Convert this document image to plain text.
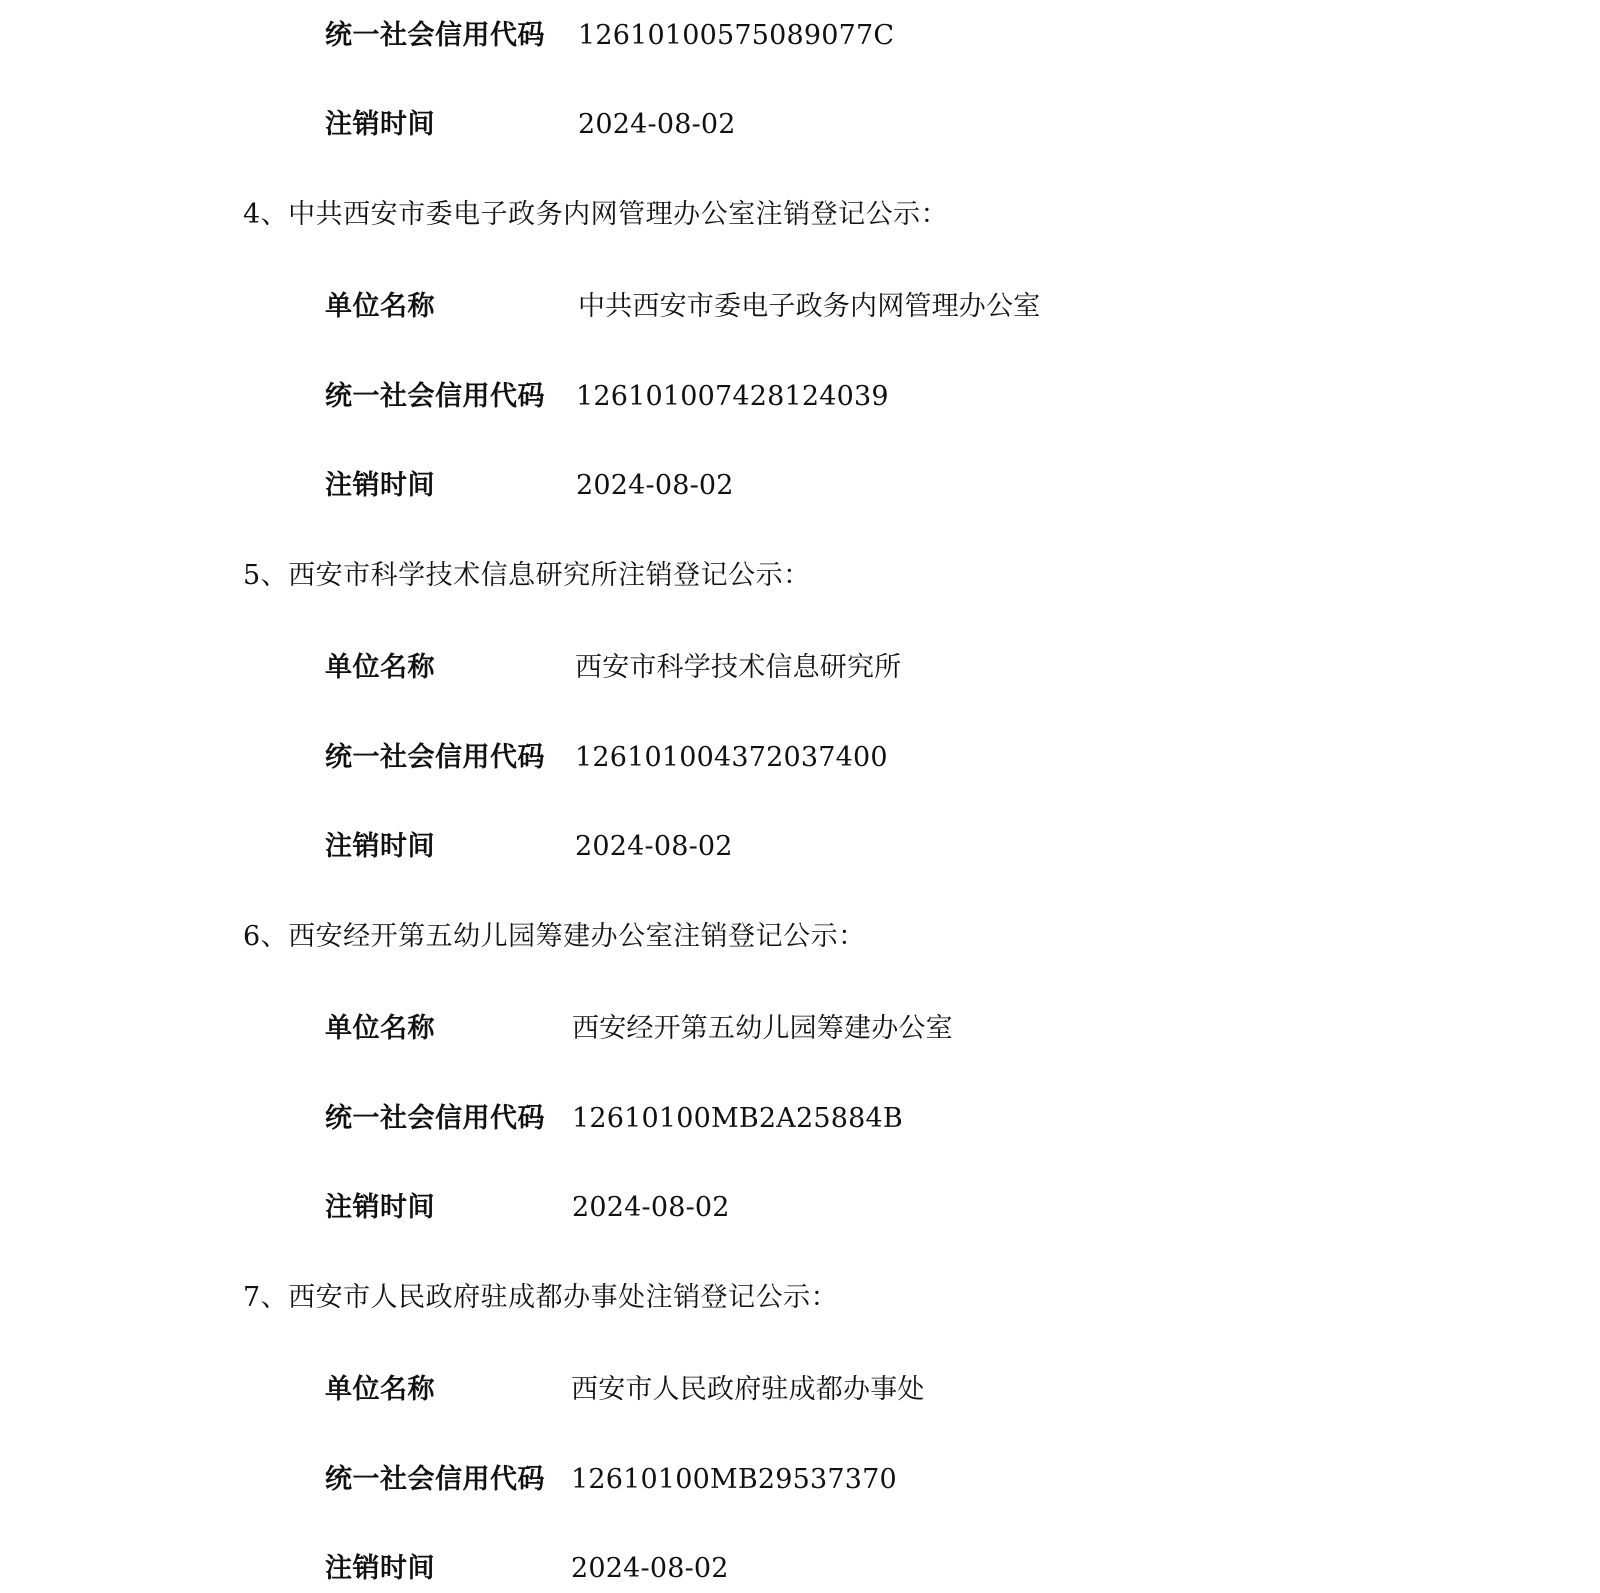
统一社会信用代码 12610100575089077C
注销时间	2024-08-02
4、中共西安市委电子政务内网管理办公室注销登记公示：
单位名称	中共西安市委电子政务内网管理办公室
统一社会信用代码 126101007428124039
注销时间	2024-08-02
5、西安市科学技术信息研究所注销登记公示：
单位名称	西安市科学技术信息研究所
统一社会信用代码 126101004372037400
注销时间	2024-08-02
6、西安经开第五幼儿园筹建办公室注销登记公示：
单位名称	西安经开第五幼儿园筹建办公室
统一社会信用代码 12610100MB2A25884B
注销时间	2024-08-02
7、西安市人民政府驻成都办事处注销登记公示：
单位名称	西安市人民政府驻成都办事处
统一社会信用代码 12610100MB29537370
注销时间	2024-08-02
